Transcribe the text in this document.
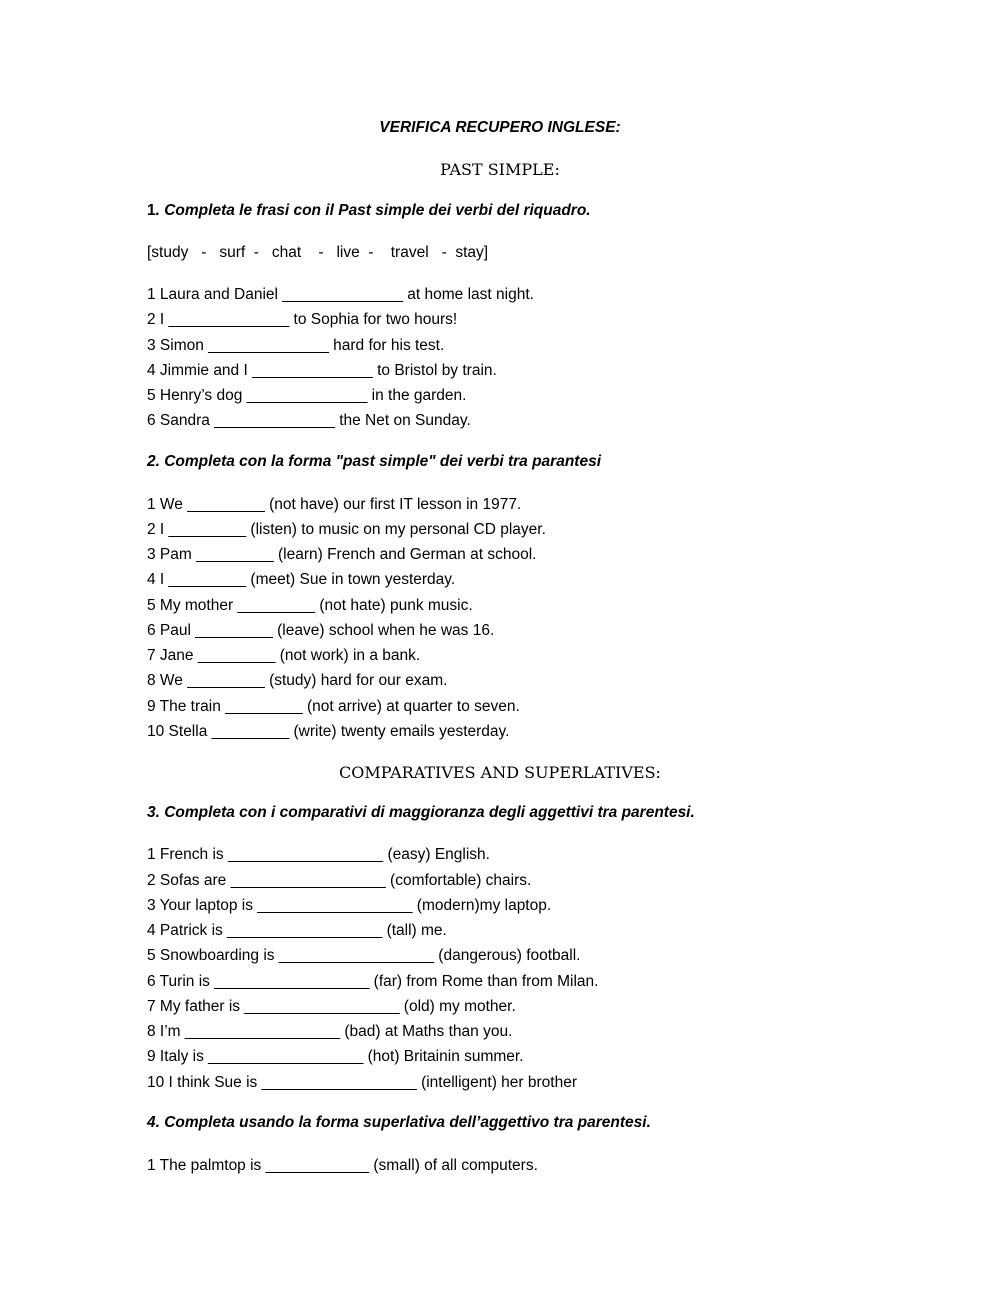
VERIFICA RECUPERO INGLESE:
PAST SIMPLE:
1. Completa le frasi con il Past simple dei verbi del riquadro.
[study   -   surf  -   chat    -   live  -    travel   -  stay]
1 Laura and Daniel ______________ at home last night.
2 I ______________ to Sophia for two hours!
3 Simon ______________ hard for his test.
4 Jimmie and I ______________ to Bristol by train.
5 Henry’s dog ______________ in the garden.
6 Sandra ______________ the Net on Sunday.
2. Completa con la forma "past simple" dei verbi tra parantesi
1 We _________ (not have) our first IT lesson in 1977.
2 I _________ (listen) to music on my personal CD player.
3 Pam _________ (learn) French and German at school.
4 I _________ (meet) Sue in town yesterday.
5 My mother _________ (not hate) punk music.
6 Paul _________ (leave) school when he was 16.
7 Jane _________ (not work) in a bank.
8 We _________ (study) hard for our exam.
9 The train _________ (not arrive) at quarter to seven.
10 Stella _________ (write) twenty emails yesterday.
COMPARATIVES AND SUPERLATIVES:
3. Completa con i comparativi di maggioranza degli aggettivi tra parentesi.
1 French is __________________ (easy) English.
2 Sofas are __________________ (comfortable) chairs.
3 Your laptop is __________________ (modern)my laptop.
4 Patrick is __________________ (tall) me.
5 Snowboarding is __________________ (dangerous) football.
6 Turin is __________________ (far) from Rome than from Milan.
7 My father is __________________ (old) my mother.
8 I’m __________________ (bad) at Maths than you.
9 Italy is __________________ (hot) Britainin summer.
10 I think Sue is __________________ (intelligent) her brother
4. Completa usando la forma superlativa dell’aggettivo tra parentesi.
1 The palmtop is ____________ (small) of all computers.
